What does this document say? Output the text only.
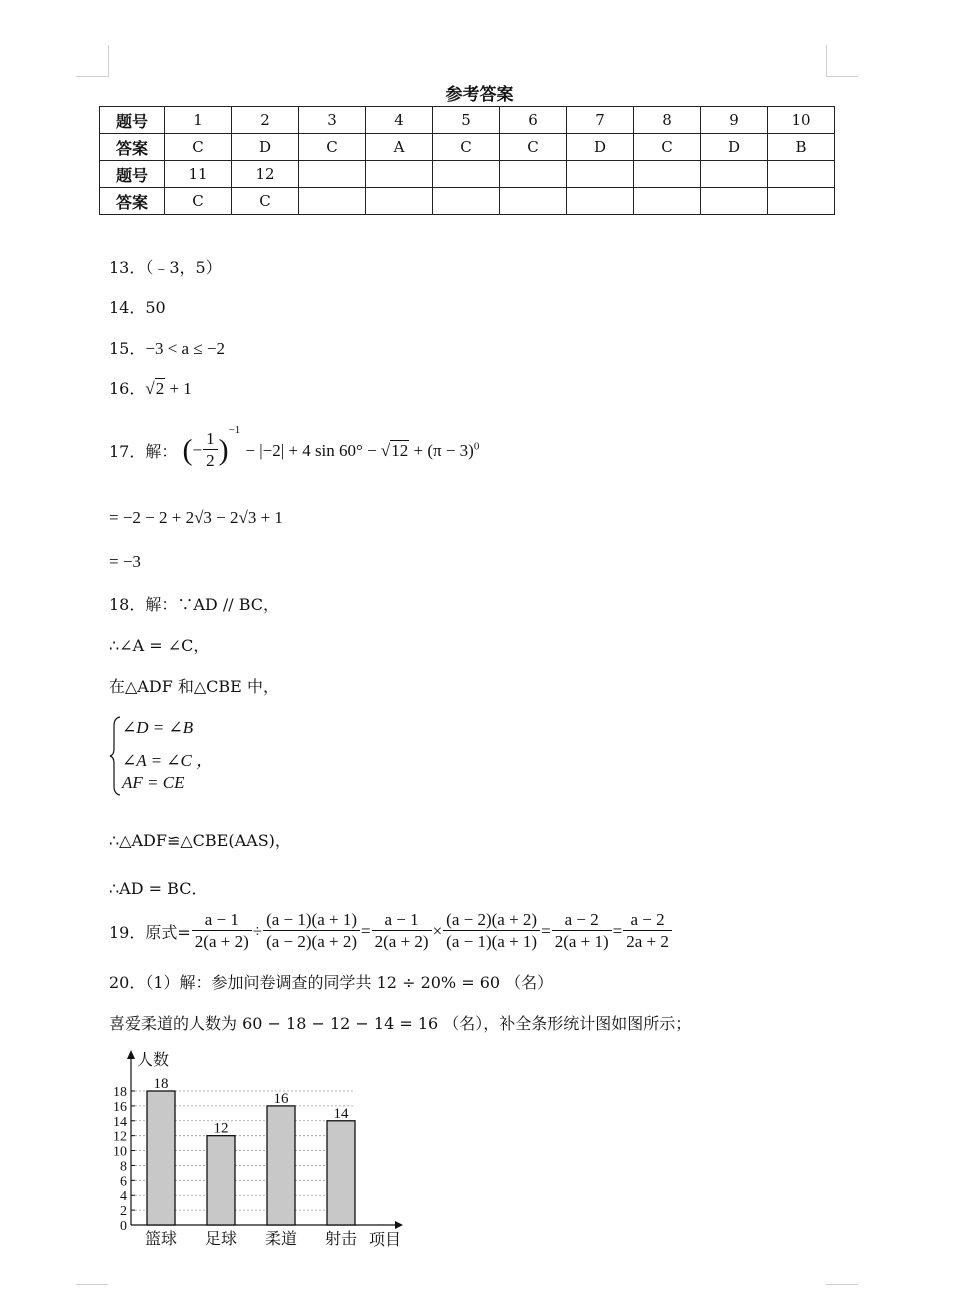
参考答案
题号	1	2	3	4	5	6	7	8	9	10
答案	C	D	C	A	C	C	D	C	D	B
题号	11	12								
答案	C	C								
13．（﹣3，5）
14．50
15．−3 < a ≤ −2
16．√2 + 1
17．解： (− $\frac{1}{2} )^{-1} - |-2| + 4$ $\sin 60^\circ - √12 + (\pi - 3)^0$
= −2 − 2 + 2√3 − 2√3 + 1
= −3
18．解：∵AD // BC，
∴∠A = ∠C，
在△ADF 和△CBE 中，
∠D = ∠B
∠A = ∠C ，
AF = CE
∴△ADF≌△CBE(AAS)，
∴AD = BC．
19．原式= $\frac{a - 1}{2(a + 2)} \div \frac{(a - 1)(a + 1)}{(a - 2)(a + 2)} = \frac{a - 1}{2(a + 2)} \times \frac{(a - 2)(a + 2)}{(a - 1)(a + 1)} = \frac{a - 2}{2(a + 1)} = \frac{a - 2}{2a + 2}$
20．（1）解：参加问卷调查的同学共 12 ÷ 20% = 60 （名）
喜爱柔道的人数为 60 − 18 − 12 − 14 = 16 （名），补全条形统计图如图所示；
0
2
4
6
8
10
12
14
16
18
人数
项目
18
篮球
12
足球
16
柔道
14
射击
